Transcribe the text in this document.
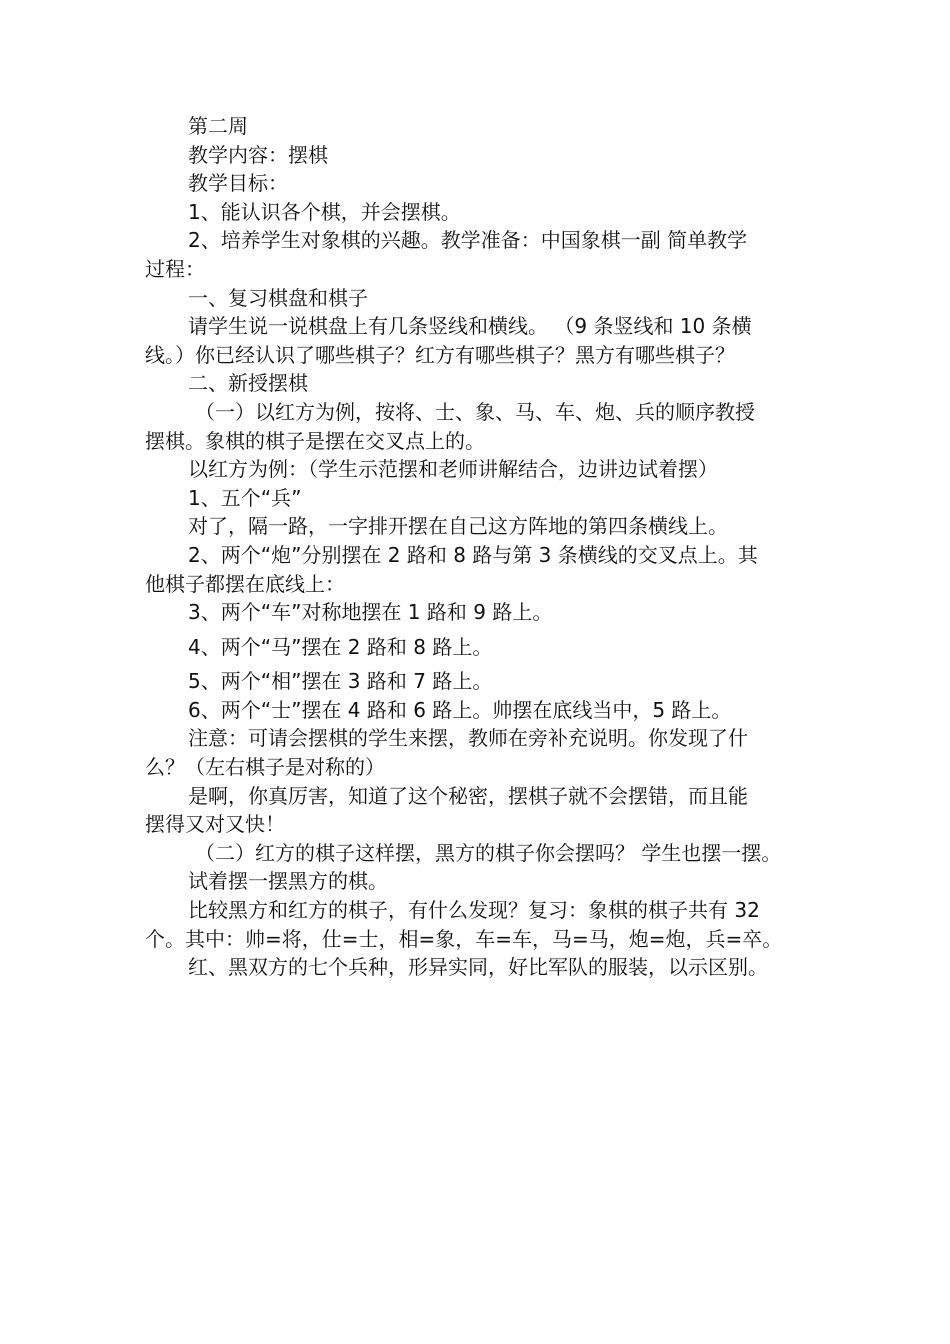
第二周
教学内容：摆棋
教学目标：
1、能认识各个棋，并会摆棋。
2、培养学生对象棋的兴趣。教学准备：中国象棋一副 简单教学
过程：
一、复习棋盘和棋子
请学生说一说棋盘上有几条竖线和横线。 （9 条竖线和 10 条横
线。）你已经认识了哪些棋子？红方有哪些棋子？黑方有哪些棋子？
二、新授摆棋
（一）以红方为例，按将、士、象、马、车、炮、兵的顺序教授
摆棋。象棋的棋子是摆在交叉点上的。
以红方为例：（学生示范摆和老师讲解结合，边讲边试着摆）
1、五个“兵”
对了，隔一路，一字排开摆在自己这方阵地的第四条横线上。
2、两个“炮”分别摆在 2 路和 8 路与第 3 条横线的交叉点上。其
他棋子都摆在底线上：
3、两个“车”对称地摆在 1 路和 9 路上。
4、两个“马”摆在 2 路和 8 路上。
5、两个“相”摆在 3 路和 7 路上。
6、两个“士”摆在 4 路和 6 路上。帅摆在底线当中，5 路上。
注意：可请会摆棋的学生来摆，教师在旁补充说明。你发现了什
么？（左右棋子是对称的）
是啊，你真厉害，知道了这个秘密，摆棋子就不会摆错，而且能
摆得又对又快！
（二）红方的棋子这样摆，黑方的棋子你会摆吗？ 学生也摆一摆。
试着摆一摆黑方的棋。
比较黑方和红方的棋子，有什么发现？复习：象棋的棋子共有 32
个。其中：帅=将，仕=士，相=象，车=车，马=马，炮=炮，兵=卒。
红、黑双方的七个兵种，形异实同，好比军队的服装，以示区别。
